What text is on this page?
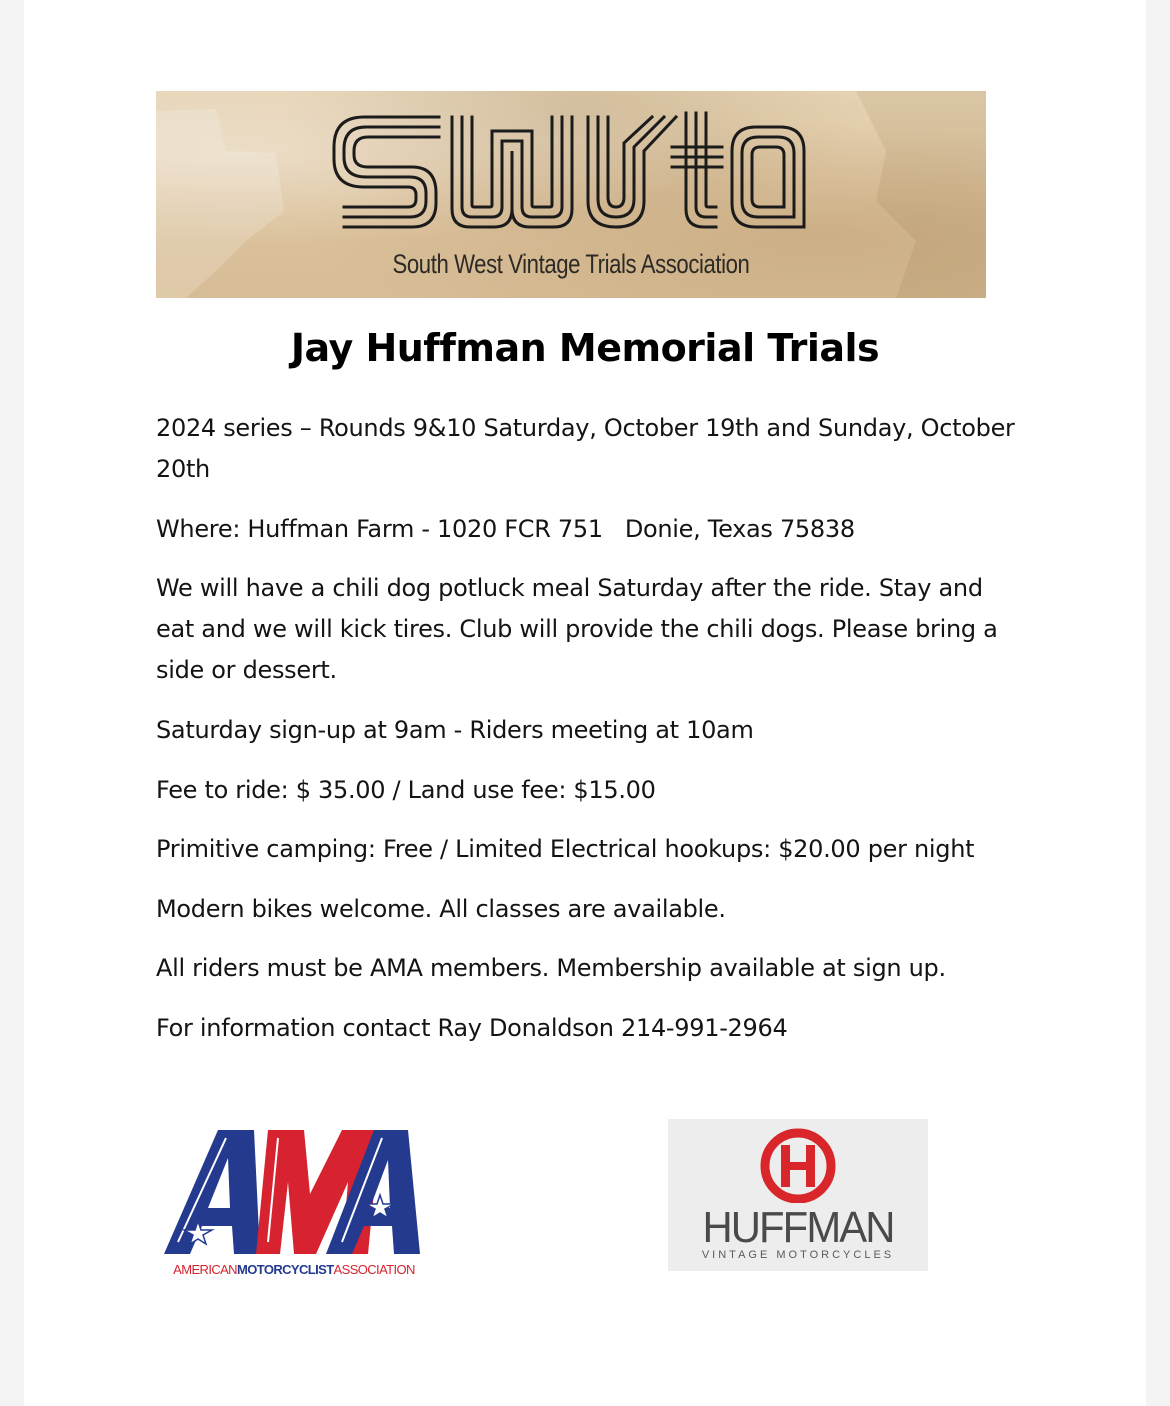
South West Vintage Trials Association
Jay Huffman Memorial Trials
2024 series – Rounds 9&10 Saturday, October 19th and Sunday, October 20th
Where: Huffman Farm - 1020 FCR 751   Donie, Texas 75838
We will have a chili dog potluck meal Saturday after the ride. Stay and eat and we will kick tires. Club will provide the chili dogs. Please bring a side or dessert.
Saturday sign-up at 9am - Riders meeting at 10am
Fee to ride: $ 35.00 / Land use fee: $15.00
Primitive camping: Free / Limited Electrical hookups: $20.00 per night
Modern bikes welcome. All classes are available.
All riders must be AMA members. Membership available at sign up.
For information contact Ray Donaldson 214-991-2964
AMERICANMOTORCYCLISTASSOCIATION
HUFFMAN
VINTAGE MOTORCYCLES
